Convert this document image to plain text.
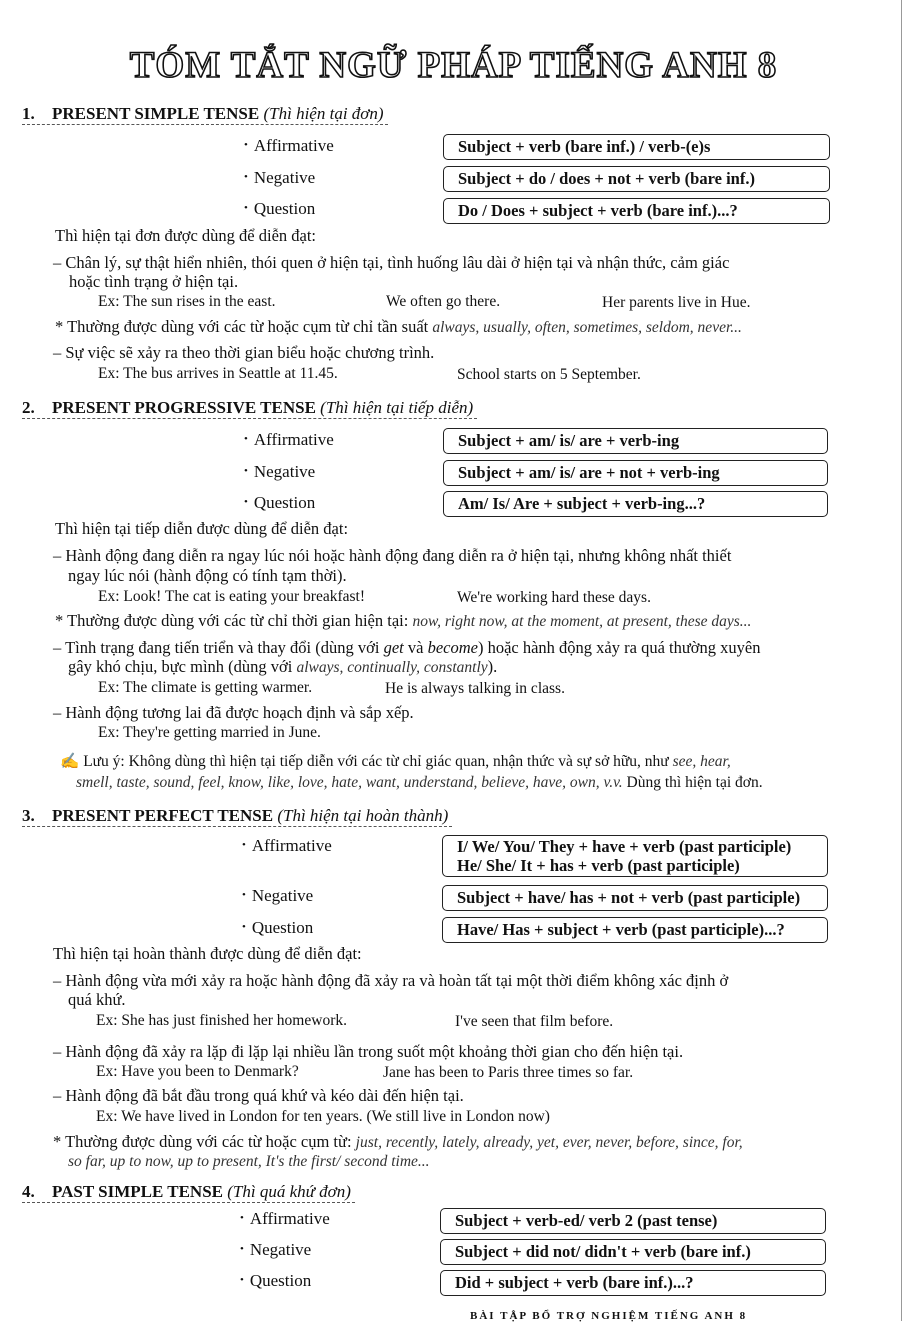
TÓM TẮT NGỮ PHÁP TIẾNG ANH 8
1. PRESENT SIMPLE TENSE (Thì hiện tại đơn)
• Affirmative	Subject + verb (bare inf.) / verb-(e)s
• Negative	Subject + do / does + not + verb (bare inf.)
• Question	Do / Does + subject + verb (bare inf.)...?
Thì hiện tại đơn được dùng để diễn đạt:
– Chân lý, sự thật hiển nhiên, thói quen ở hiện tại, tình huống lâu dài ở hiện tại và nhận thức, cảm giác
hoặc tình trạng ở hiện tại.
Ex: The sun rises in the east.	We often go there.	Her parents live in Hue.
* Thường được dùng với các từ hoặc cụm từ chỉ tần suất always, usually, often, sometimes, seldom, never...
– Sự việc sẽ xảy ra theo thời gian biểu hoặc chương trình.
Ex: The bus arrives in Seattle at 11.45.	School starts on 5 September.
2. PRESENT PROGRESSIVE TENSE (Thì hiện tại tiếp diễn)
• Affirmative	Subject + am/ is/ are + verb-ing
• Negative	Subject + am/ is/ are + not + verb-ing
• Question	Am/ Is/ Are + subject + verb-ing...?
Thì hiện tại tiếp diễn được dùng để diễn đạt:
– Hành động đang diễn ra ngay lúc nói hoặc hành động đang diễn ra ở hiện tại, nhưng không nhất thiết
ngay lúc nói (hành động có tính tạm thời).
Ex: Look! The cat is eating your breakfast!	We're working hard these days.
* Thường được dùng với các từ chỉ thời gian hiện tại: now, right now, at the moment, at present, these days...
– Tình trạng đang tiến triển và thay đổi (dùng với get và become) hoặc hành động xảy ra quá thường xuyên
gây khó chịu, bực mình (dùng với always, continually, constantly).
Ex: The climate is getting warmer.	He is always talking in class.
– Hành động tương lai đã được hoạch định và sắp xếp.
Ex: They're getting married in June.
✍ Lưu ý: Không dùng thì hiện tại tiếp diễn với các từ chỉ giác quan, nhận thức và sự sở hữu, như see, hear,
smell, taste, sound, feel, know, like, love, hate, want, understand, believe, have, own, v.v. Dùng thì hiện tại đơn.
3. PRESENT PERFECT TENSE (Thì hiện tại hoàn thành)
• Affirmative	I/ We/ You/ They + have + verb (past participle)
He/ She/ It + has + verb (past participle)
• Negative	Subject + have/ has + not + verb (past participle)
• Question	Have/ Has + subject + verb (past participle)...?
Thì hiện tại hoàn thành được dùng để diễn đạt:
– Hành động vừa mới xảy ra hoặc hành động đã xảy ra và hoàn tất tại một thời điểm không xác định ở
quá khứ.
Ex: She has just finished her homework.	I've seen that film before.
– Hành động đã xảy ra lặp đi lặp lại nhiều lần trong suốt một khoảng thời gian cho đến hiện tại.
Ex: Have you been to Denmark?	Jane has been to Paris three times so far.
– Hành động đã bắt đầu trong quá khứ và kéo dài đến hiện tại.
Ex: We have lived in London for ten years. (We still live in London now)
* Thường được dùng với các từ hoặc cụm từ: just, recently, lately, already, yet, ever, never, before, since, for,
so far, up to now, up to present, It's the first/ second time...
4. PAST SIMPLE TENSE (Thì quá khứ đơn)
• Affirmative	Subject + verb-ed/ verb 2 (past tense)
• Negative	Subject + did not/ didn't + verb (bare inf.)
• Question	Did + subject + verb (bare inf.)...?
BÀI TẬP BỔ TRỢ NGHIỆM TIẾNG ANH 8
